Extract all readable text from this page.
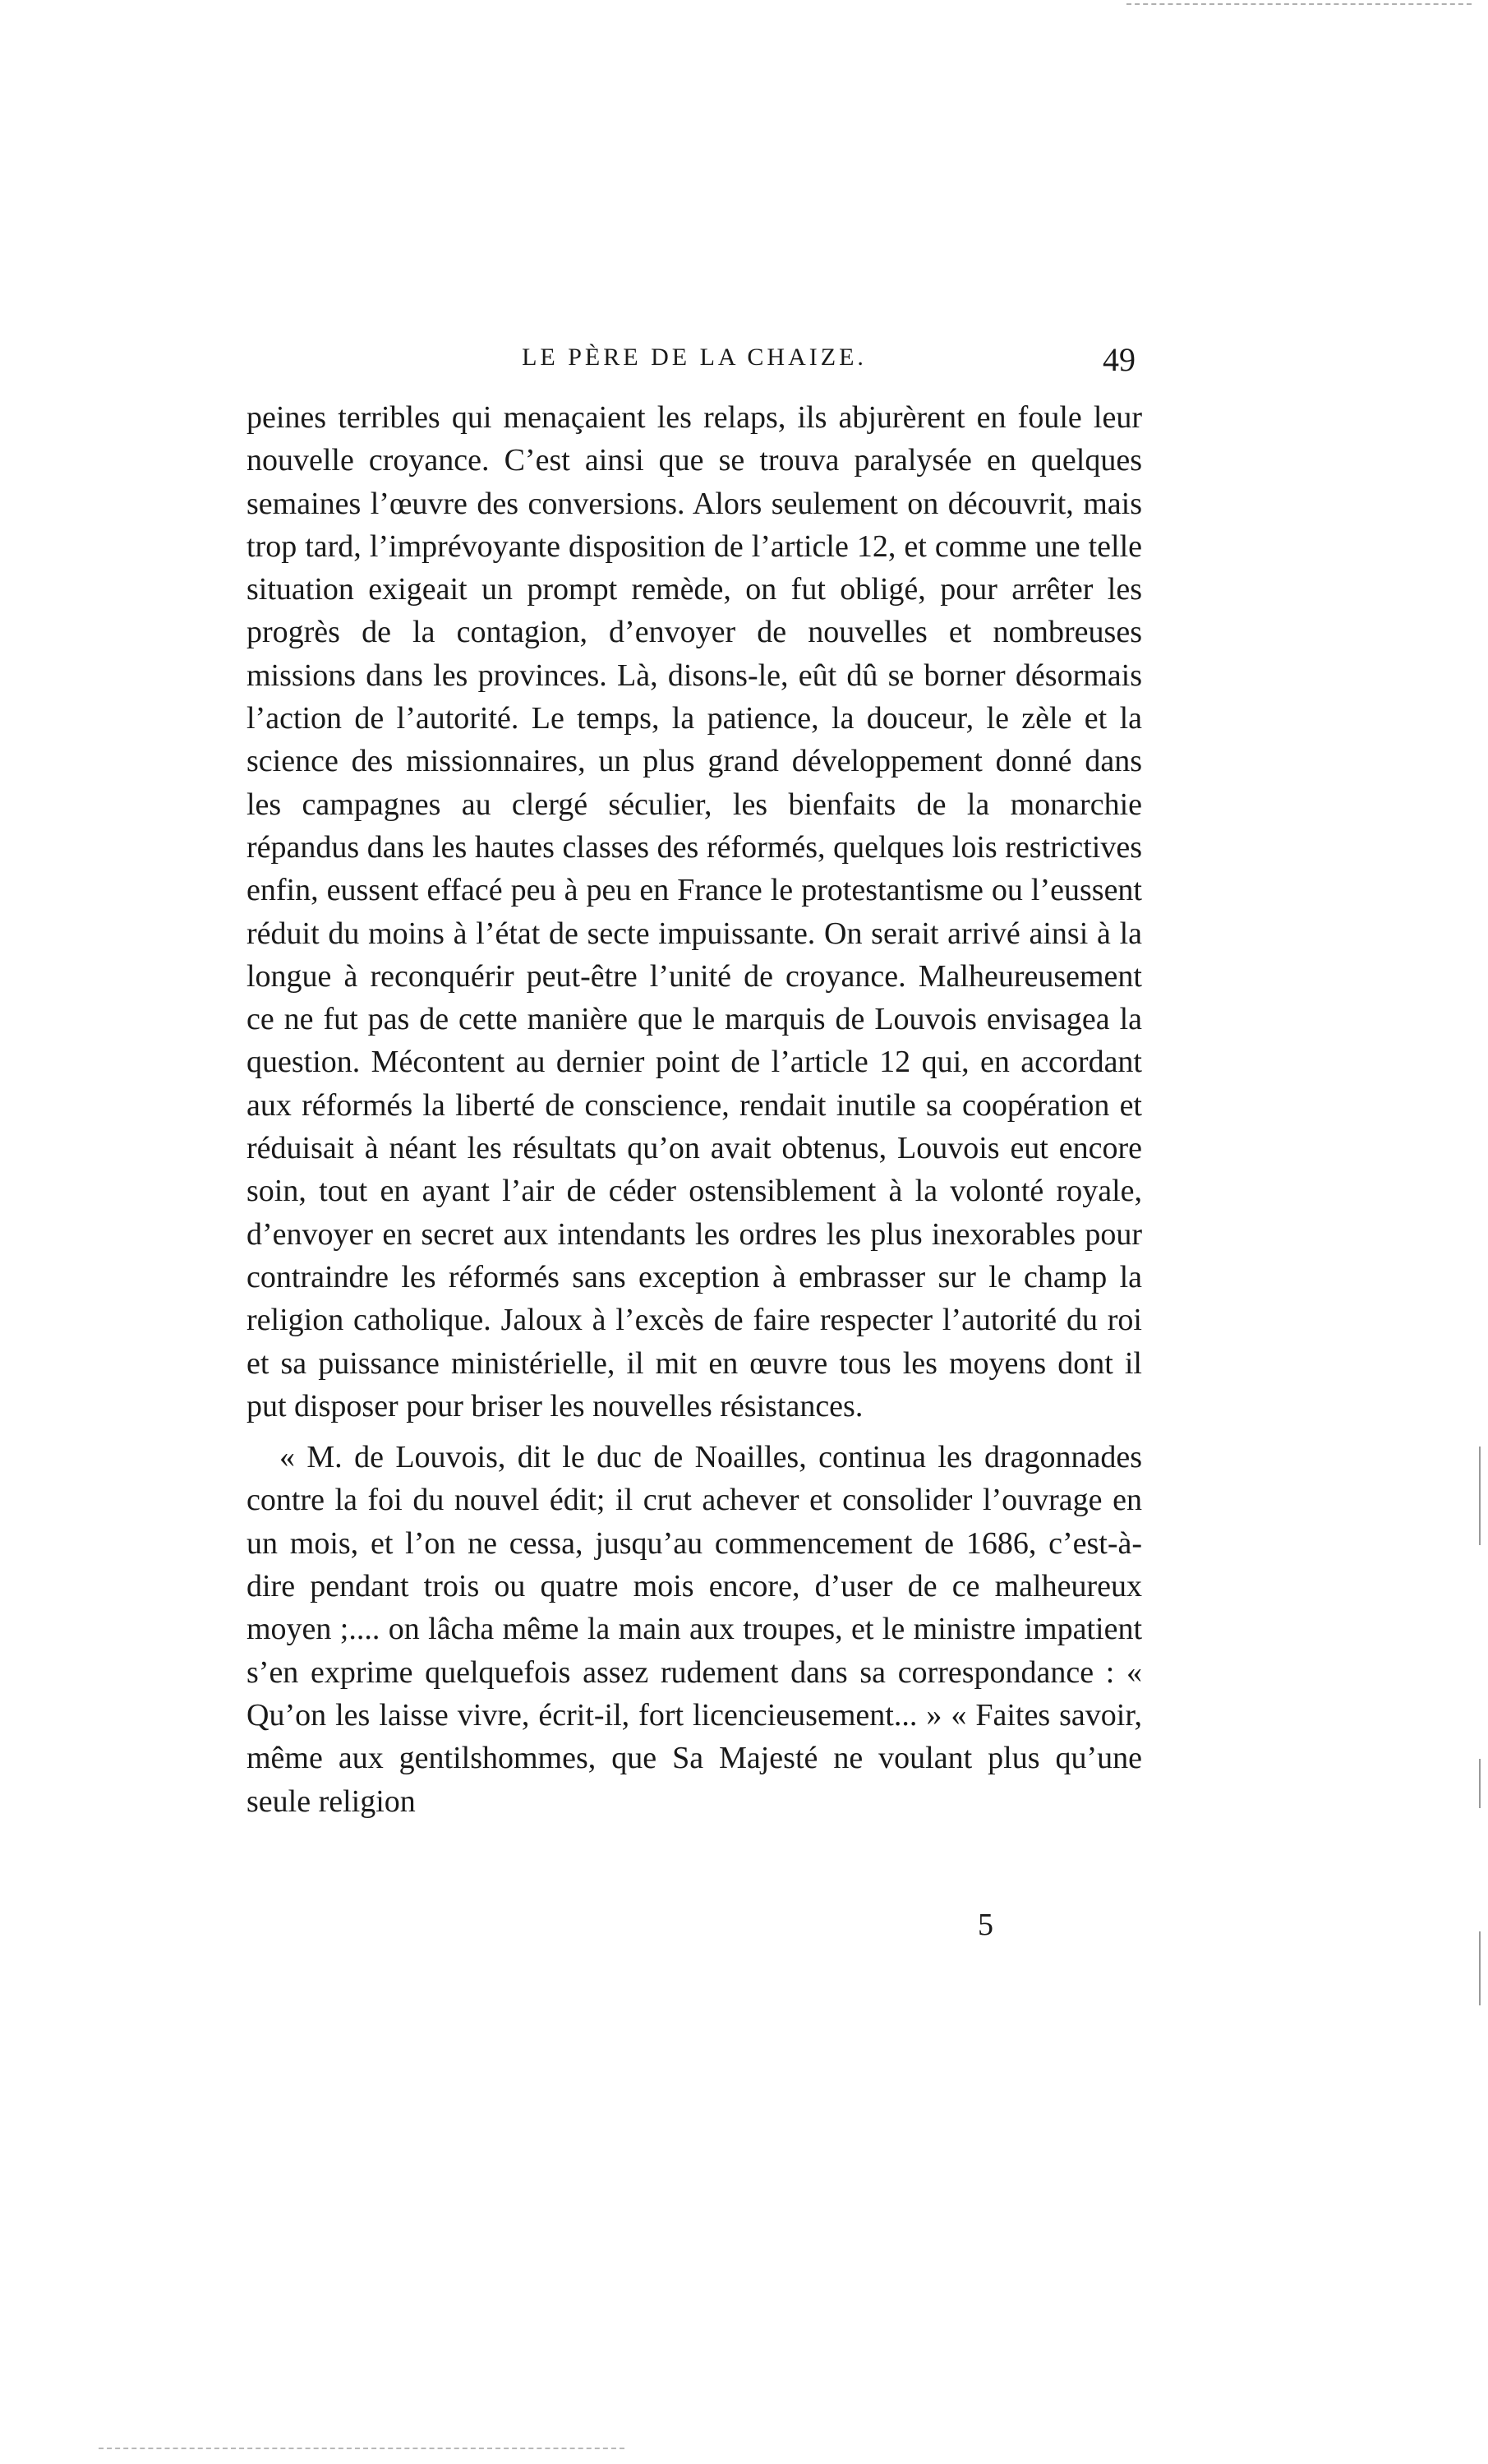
LE PÈRE DE LA CHAIZE.	49

peines terribles qui menaçaient les relaps, ils abjurèrent en foule leur nouvelle croyance. C’est ainsi que se trouva paralysée en quelques semaines l’œuvre des conversions. Alors seulement on découvrit, mais trop tard, l’imprévoyante disposition de l’article 12, et comme une telle situation exigeait un prompt remède, on fut obligé, pour arrêter les progrès de la contagion, d’envoyer de nouvelles et nombreuses missions dans les provinces. Là, disons-le, eût dû se borner désormais l’action de l’autorité. Le temps, la patience, la douceur, le zèle et la science des missionnaires, un plus grand développement donné dans les campagnes au clergé séculier, les bienfaits de la monarchie répandus dans les hautes classes des réformés, quelques lois restrictives enfin, eussent effacé peu à peu en France le protestantisme ou l’eussent réduit du moins à l’état de secte impuissante. On serait arrivé ainsi à la longue à reconquérir peut-être l’unité de croyance. Malheureusement ce ne fut pas de cette manière que le marquis de Louvois envisagea la question. Mécontent au dernier point de l’article 12 qui, en accordant aux réformés la liberté de conscience, rendait inutile sa coopération et réduisait à néant les résultats qu’on avait obtenus, Louvois eut encore soin, tout en ayant l’air de céder ostensiblement à la volonté royale, d’envoyer en secret aux intendants les ordres les plus inexorables pour contraindre les réformés sans exception à embrasser sur le champ la religion catholique. Jaloux à l’excès de faire respecter l’autorité du roi et sa puissance ministérielle, il mit en œuvre tous les moyens dont il put disposer pour briser les nouvelles résistances.

« M. de Louvois, dit le duc de Noailles, continua les dragonnades contre la foi du nouvel édit; il crut achever et consolider l’ouvrage en un mois, et l’on ne cessa, jusqu’au commencement de 1686, c’est-à-dire pendant trois ou quatre mois encore, d’user de ce malheureux moyen ;.... on lâcha même la main aux troupes, et le ministre impatient s’en exprime quelquefois assez rudement dans sa correspondance : « Qu’on les laisse vivre, écrit-il, fort licencieusement... » « Faites savoir, même aux gentilshommes, que Sa Majesté ne voulant plus qu’une seule religion

5
